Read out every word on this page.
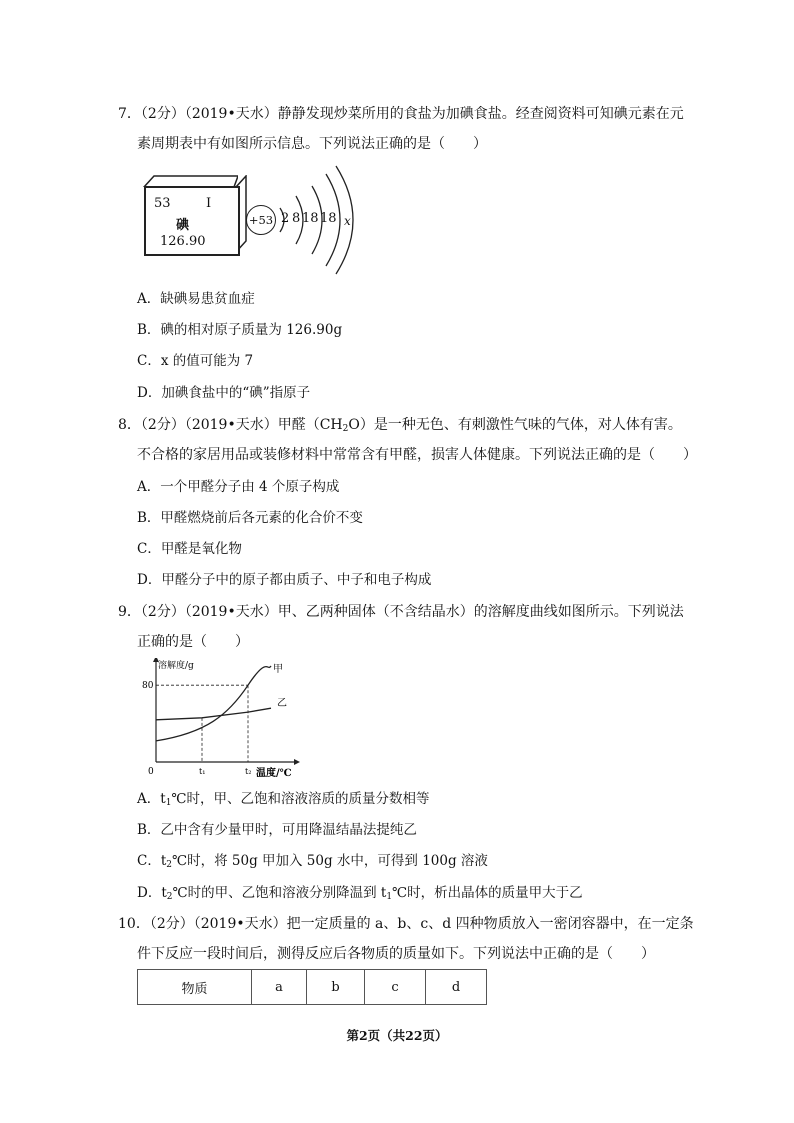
7．（2分）（2019•天水）静静发现炒菜所用的食盐为加碘食盐。经查阅资料可知碘元素在元
素周期表中有如图所示信息。下列说法正确的是（　　）
53	I
碘
126.90
+53 2 8 18 18 x
A．缺碘易患贫血症
B．碘的相对原子质量为 126.90g
C．x 的值可能为 7
D．加碘食盐中的“碘”指原子
8．（2分）（2019•天水）甲醛$(CH_2O)$是一种无色、有刺激性气味的气体，对人体有害。
不合格的家居用品或装修材料中常常含有甲醛，损害人体健康。下列说法正确的是（　　）
A．一个甲醛分子由 4 个原子构成
B．甲醛燃烧前后各元素的化合价不变
C．甲醛是氧化物
D．甲醛分子中的原子都由质子、中子和电子构成
9．（2分）（2019•天水）甲、乙两种固体（不含结晶水）的溶解度曲线如图所示。下列说法
正确的是（　　）
溶解度/g
温度/℃
0
80
甲
乙
t₁	t₂
A．$t_1℃$时，甲、乙饱和溶液溶质的质量分数相等
B．乙中含有少量甲时，可用降温结晶法提纯乙
C．$t_2℃$时，将 50g 甲加入 50g 水中，可得到 100g 溶液
D．$t_2℃$时的甲、乙饱和溶液分别降温到 $t_1℃$时，析出晶体的质量甲大于乙
10．（2分）（2019•天水）把一定质量的 a、b、c、d 四种物质放入一密闭容器中，在一定条
件下反应一段时间后，测得反应后各物质的质量如下。下列说法中正确的是（　　）
物质	a	b	c	d
第2页（共22页）
